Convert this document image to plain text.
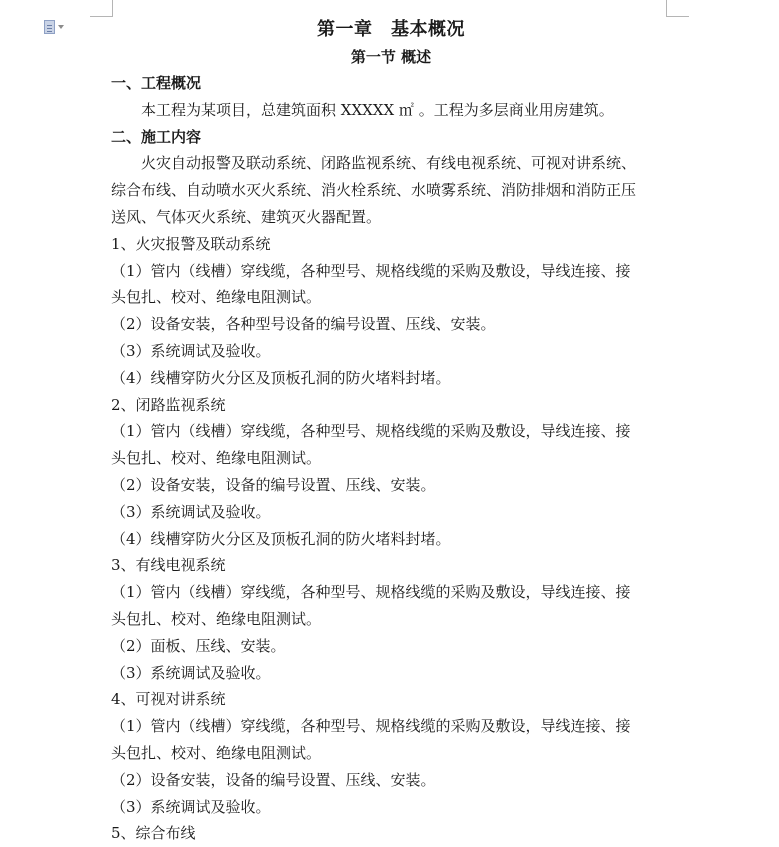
第一章　基本概况
第一节 概述
一、工程概况
本工程为某项目，总建筑面积 XXXXX ㎡ 。工程为多层商业用房建筑。
二、施工内容
火灾自动报警及联动系统、闭路监视系统、有线电视系统、可视对讲系统、
综合布线、自动喷水灭火系统、消火栓系统、水喷雾系统、消防排烟和消防正压
送风、气体灭火系统、建筑灭火器配置。
1、火灾报警及联动系统
（1）管内（线槽）穿线缆，各种型号、规格线缆的采购及敷设，导线连接、接
头包扎、校对、绝缘电阻测试。
（2）设备安装，各种型号设备的编号设置、压线、安装。
（3）系统调试及验收。
（4）线槽穿防火分区及顶板孔洞的防火堵料封堵。
2、闭路监视系统
（1）管内（线槽）穿线缆，各种型号、规格线缆的采购及敷设，导线连接、接
头包扎、校对、绝缘电阻测试。
（2）设备安装，设备的编号设置、压线、安装。
（3）系统调试及验收。
（4）线槽穿防火分区及顶板孔洞的防火堵料封堵。
3、有线电视系统
（1）管内（线槽）穿线缆，各种型号、规格线缆的采购及敷设，导线连接、接
头包扎、校对、绝缘电阻测试。
（2）面板、压线、安装。
（3）系统调试及验收。
4、可视对讲系统
（1）管内（线槽）穿线缆，各种型号、规格线缆的采购及敷设，导线连接、接
头包扎、校对、绝缘电阻测试。
（2）设备安装，设备的编号设置、压线、安装。
（3）系统调试及验收。
5、综合布线
